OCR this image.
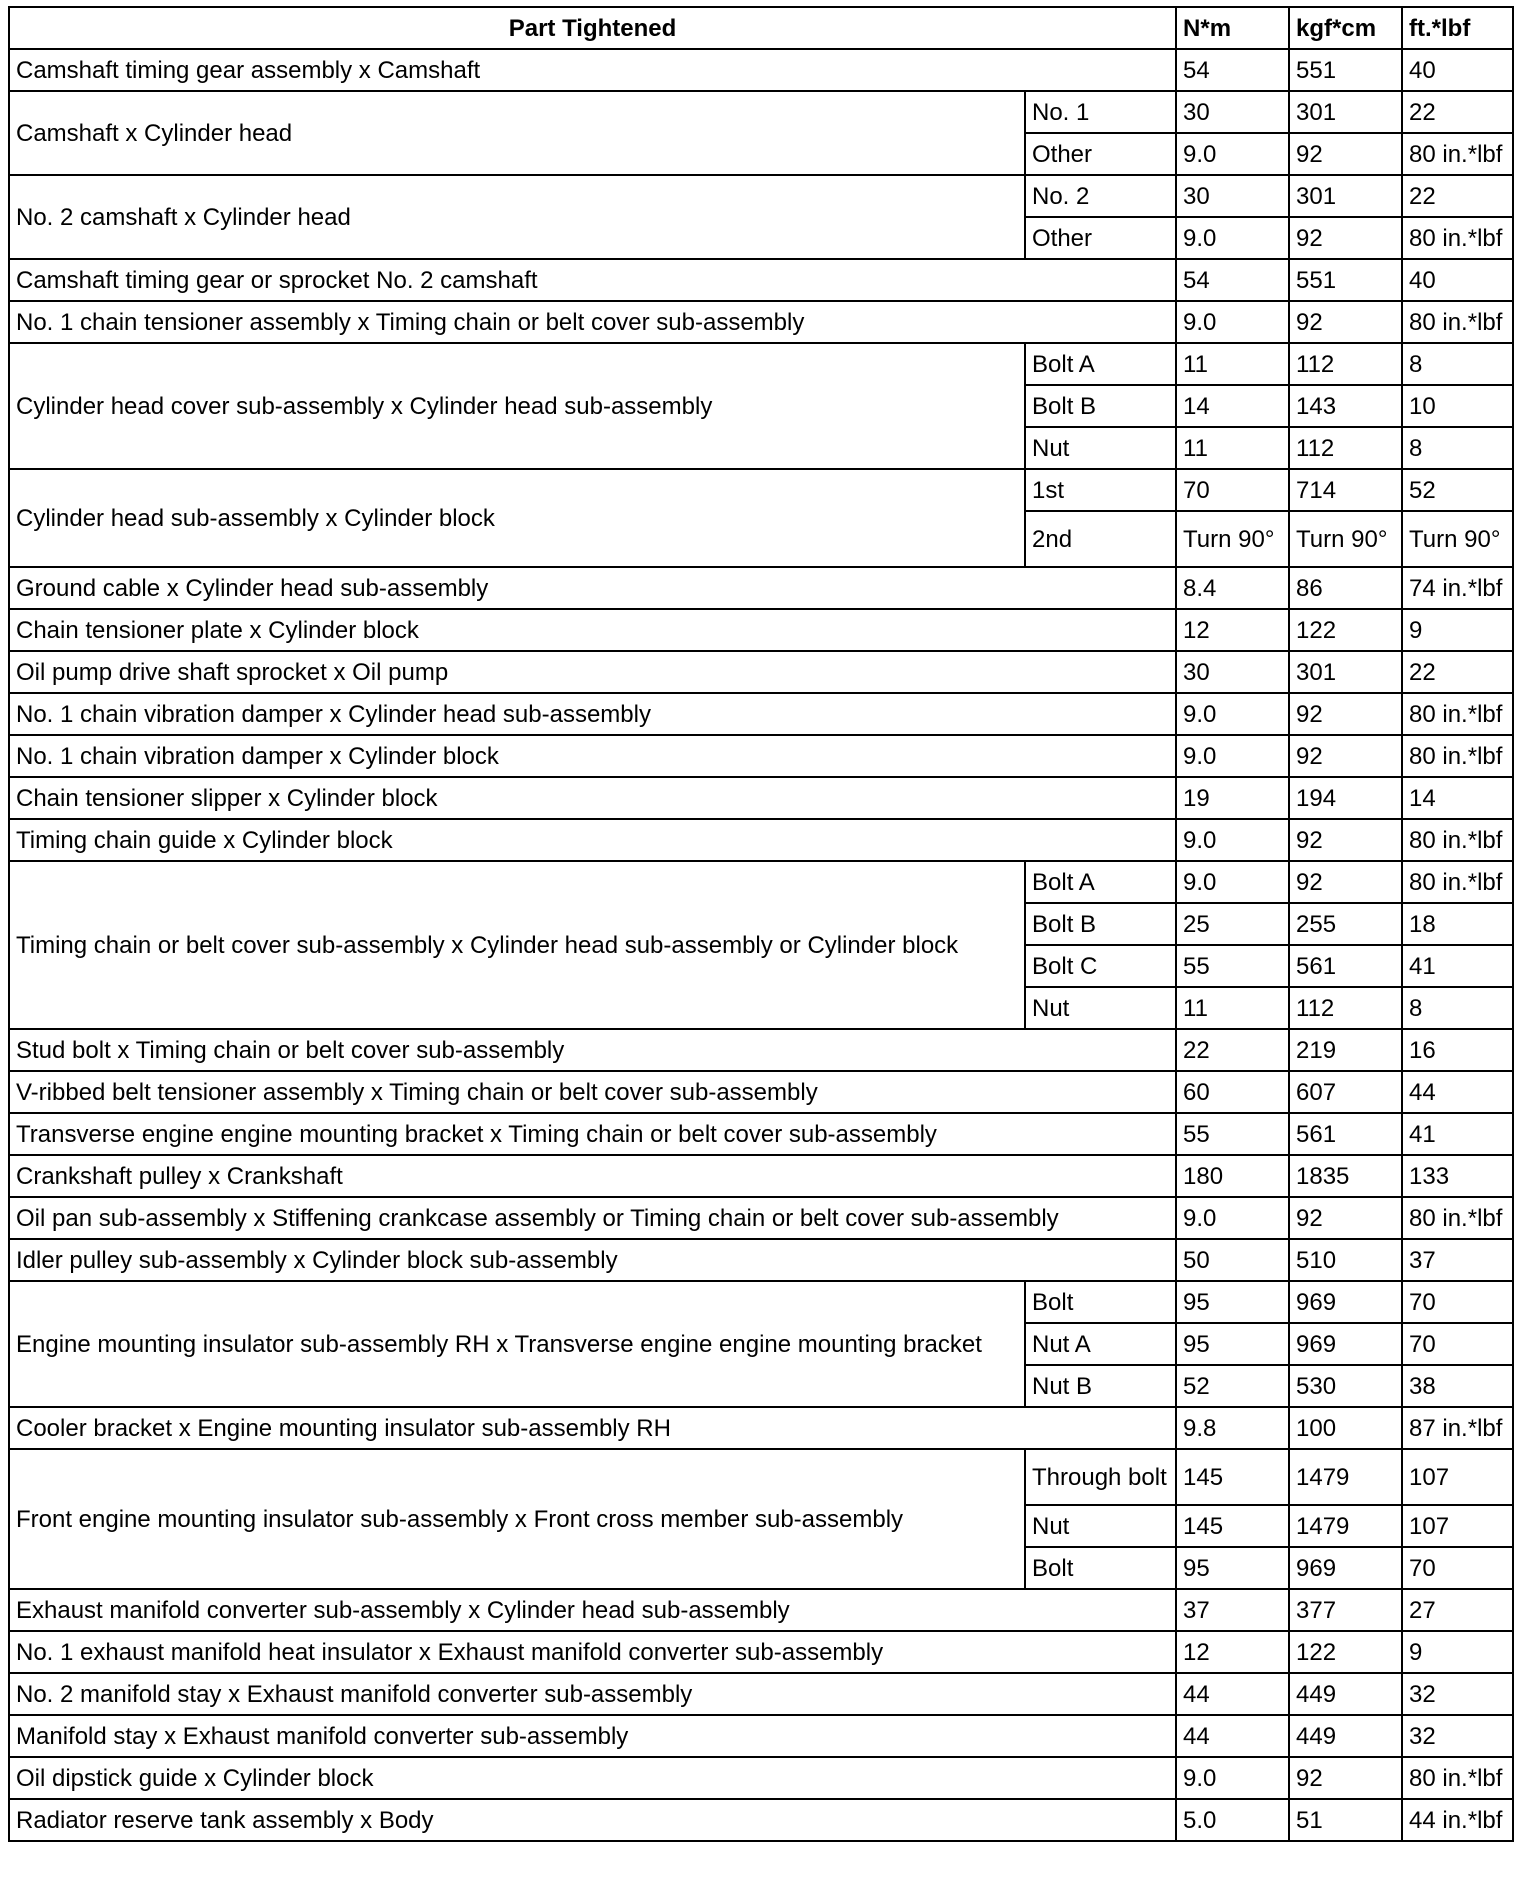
Part Tightened		N*m	kgf*cm	ft.*lbf
Camshaft timing gear assembly x Camshaft		54	551	40
Camshaft x Cylinder head	No. 1	30	301	22
	Other	9.0	92	80 in.*lbf
No. 2 camshaft x Cylinder head	No. 2	30	301	22
	Other	9.0	92	80 in.*lbf
Camshaft timing gear or sprocket No. 2 camshaft		54	551	40
No. 1 chain tensioner assembly x Timing chain or belt cover sub-assembly		9.0	92	80 in.*lbf
Cylinder head cover sub-assembly x Cylinder head sub-assembly	Bolt A	11	112	8
	Bolt B	14	143	10
	Nut	11	112	8
Cylinder head sub-assembly x Cylinder block	1st	70	714	52
	2nd	Turn 90°	Turn 90°	Turn 90°
Ground cable x Cylinder head sub-assembly		8.4	86	74 in.*lbf
Chain tensioner plate x Cylinder block		12	122	9
Oil pump drive shaft sprocket x Oil pump		30	301	22
No. 1 chain vibration damper x Cylinder head sub-assembly		9.0	92	80 in.*lbf
No. 1 chain vibration damper x Cylinder block		9.0	92	80 in.*lbf
Chain tensioner slipper x Cylinder block		19	194	14
Timing chain guide x Cylinder block		9.0	92	80 in.*lbf
Timing chain or belt cover sub-assembly x Cylinder head sub-assembly or Cylinder block	Bolt A	9.0	92	80 in.*lbf
	Bolt B	25	255	18
	Bolt C	55	561	41
	Nut	11	112	8
Stud bolt x Timing chain or belt cover sub-assembly		22	219	16
V-ribbed belt tensioner assembly x Timing chain or belt cover sub-assembly		60	607	44
Transverse engine engine mounting bracket x Timing chain or belt cover sub-assembly		55	561	41
Crankshaft pulley x Crankshaft		180	1835	133
Oil pan sub-assembly x Stiffening crankcase assembly or Timing chain or belt cover sub-assembly		9.0	92	80 in.*lbf
Idler pulley sub-assembly x Cylinder block sub-assembly		50	510	37
Engine mounting insulator sub-assembly RH x Transverse engine engine mounting bracket	Bolt	95	969	70
	Nut A	95	969	70
	Nut B	52	530	38
Cooler bracket x Engine mounting insulator sub-assembly RH		9.8	100	87 in.*lbf
Front engine mounting insulator sub-assembly x Front cross member sub-assembly	Through bolt	145	1479	107
	Nut	145	1479	107
	Bolt	95	969	70
Exhaust manifold converter sub-assembly x Cylinder head sub-assembly		37	377	27
No. 1 exhaust manifold heat insulator x Exhaust manifold converter sub-assembly		12	122	9
No. 2 manifold stay x Exhaust manifold converter sub-assembly		44	449	32
Manifold stay x Exhaust manifold converter sub-assembly		44	449	32
Oil dipstick guide x Cylinder block		9.0	92	80 in.*lbf
Radiator reserve tank assembly x Body		5.0	51	44 in.*lbf
